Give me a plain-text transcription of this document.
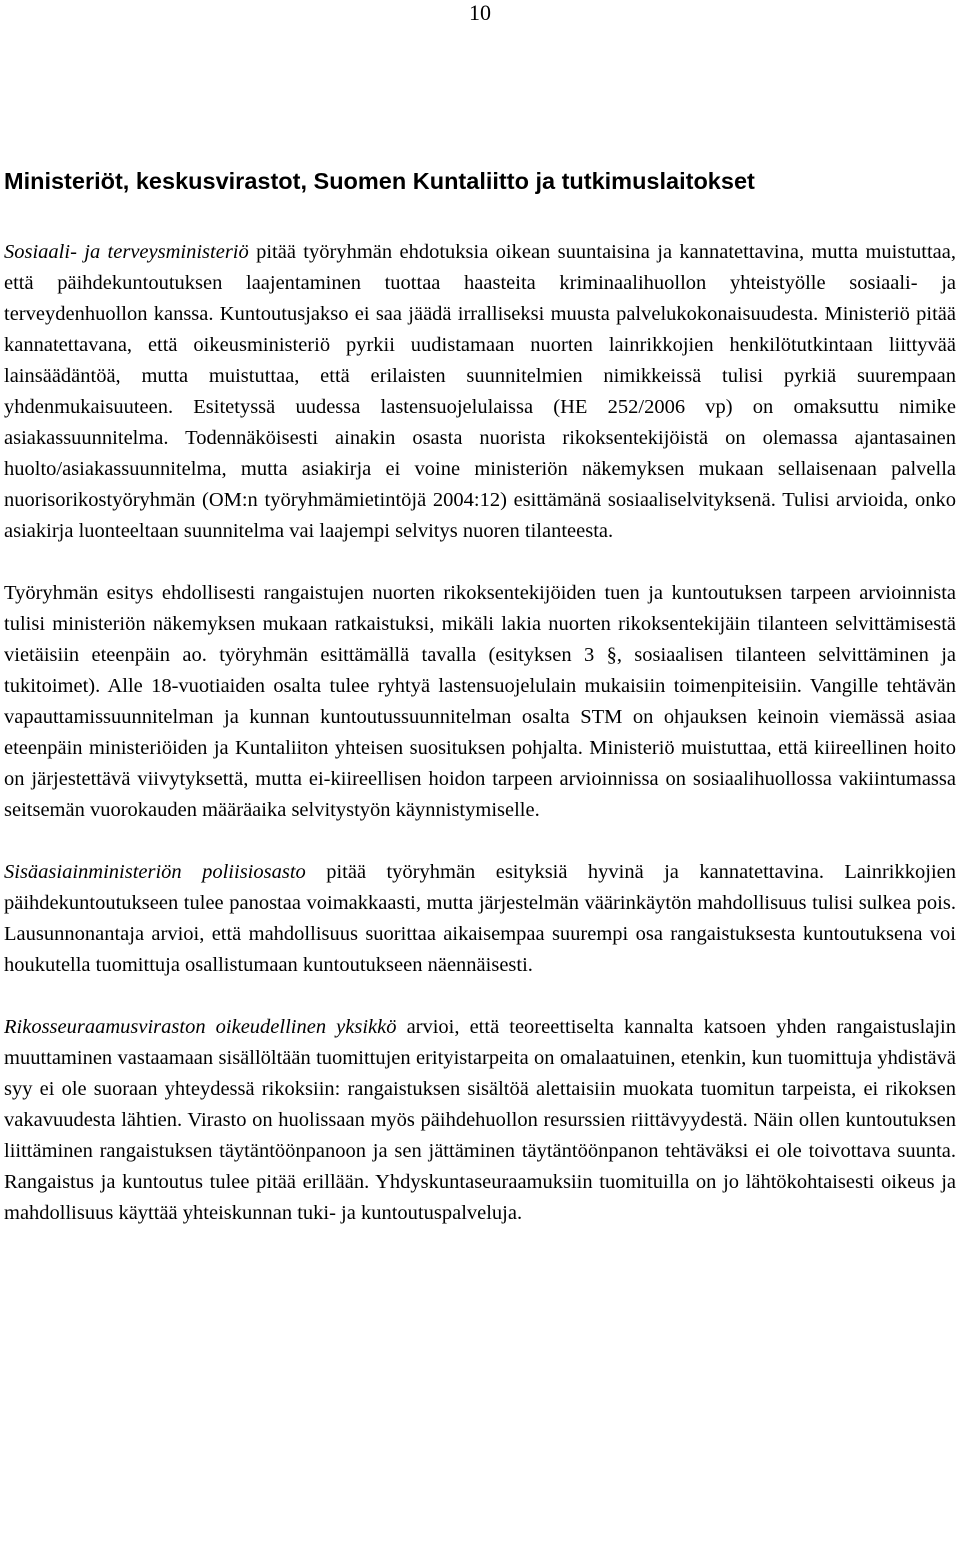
10
Ministeriöt, keskusvirastot, Suomen Kuntaliitto ja tutkimuslaitokset

Sosiaali- ja terveysministeriö pitää työryhmän ehdotuksia oikean suuntaisina ja kannatettavina, mutta muistuttaa, että päihdekuntoutuksen laajentaminen tuottaa haasteita kriminaalihuollon yhteistyölle sosiaali- ja terveydenhuollon kanssa. Kuntoutusjakso ei saa jäädä irralliseksi muusta palvelukokonaisuudesta. Ministeriö pitää kannatettavana, että oikeusministeriö pyrkii uudistamaan nuorten lainrikkojien henkilötutkintaan liittyvää lainsäädäntöä, mutta muistuttaa, että erilaisten suunnitelmien nimikkeissä tulisi pyrkiä suurempaan yhdenmukaisuuteen. Esitetyssä uudessa lastensuojelulaissa (HE 252/2006 vp) on omaksuttu nimike asiakassuunnitelma. Todennäköisesti ainakin osasta nuorista rikoksentekijöistä on olemassa ajantasainen huolto/asiakassuunnitelma, mutta asiakirja ei voine ministeriön näkemyksen mukaan sellaisenaan palvella nuorisorikostyöryhmän (OM:n työryhmämietintöjä 2004:12) esittämänä sosiaaliselvityksenä. Tulisi arvioida, onko asiakirja luonteeltaan suunnitelma vai laajempi selvitys nuoren tilanteesta.

Työryhmän esitys ehdollisesti rangaistujen nuorten rikoksentekijöiden tuen ja kuntoutuksen tarpeen arvioinnista tulisi ministeriön näkemyksen mukaan ratkaistuksi, mikäli lakia nuorten rikoksentekijäin tilanteen selvittämisestä vietäisiin eteenpäin ao. työryhmän esittämällä tavalla (esityksen 3 §, sosiaalisen tilanteen selvittäminen ja tukitoimet). Alle 18-vuotiaiden osalta tulee ryhtyä lastensuojelulain mukaisiin toimenpiteisiin. Vangille tehtävän vapauttamissuunnitelman ja kunnan kuntoutussuunnitelman osalta STM on ohjauksen keinoin viemässä asiaa eteenpäin ministeriöiden ja Kuntaliiton yhteisen suosituksen pohjalta. Ministeriö muistuttaa, että kiireellinen hoito on järjestettävä viivytyksettä, mutta ei-kiireellisen hoidon tarpeen arvioinnissa on sosiaalihuollossa vakiintumassa seitsemän vuorokauden määräaika selvitystyön käynnistymiselle.

Sisäasiainministeriön poliisiosasto pitää työryhmän esityksiä hyvinä ja kannatettavina. Lainrikkojien päihdekuntoutukseen tulee panostaa voimakkaasti, mutta järjestelmän väärinkäytön mahdollisuus tulisi sulkea pois. Lausunnonantaja arvioi, että mahdollisuus suorittaa aikaisempaa suurempi osa rangaistuksesta kuntoutuksena voi houkutella tuomittuja osallistumaan kuntoutukseen näennäisesti.

Rikosseuraamusviraston oikeudellinen yksikkö arvioi, että teoreettiselta kannalta katsoen yhden rangaistuslajin muuttaminen vastaamaan sisällöltään tuomittujen erityistarpeita on omalaatuinen, etenkin, kun tuomittuja yhdistävä syy ei ole suoraan yhteydessä rikoksiin: rangaistuksen sisältöä alettaisiin muokata tuomitun tarpeista, ei rikoksen vakavuudesta lähtien. Virasto on huolissaan myös päihdehuollon resurssien riittävyydestä. Näin ollen kuntoutuksen liittäminen rangaistuksen täytäntöönpanoon ja sen jättäminen täytäntöönpanon tehtäväksi ei ole toivottava suunta. Rangaistus ja kuntoutus tulee pitää erillään. Yhdyskuntaseuraamuksiin tuomituilla on jo lähtökohtaisesti oikeus ja mahdollisuus käyttää yhteiskunnan tuki- ja kuntoutuspalveluja.
